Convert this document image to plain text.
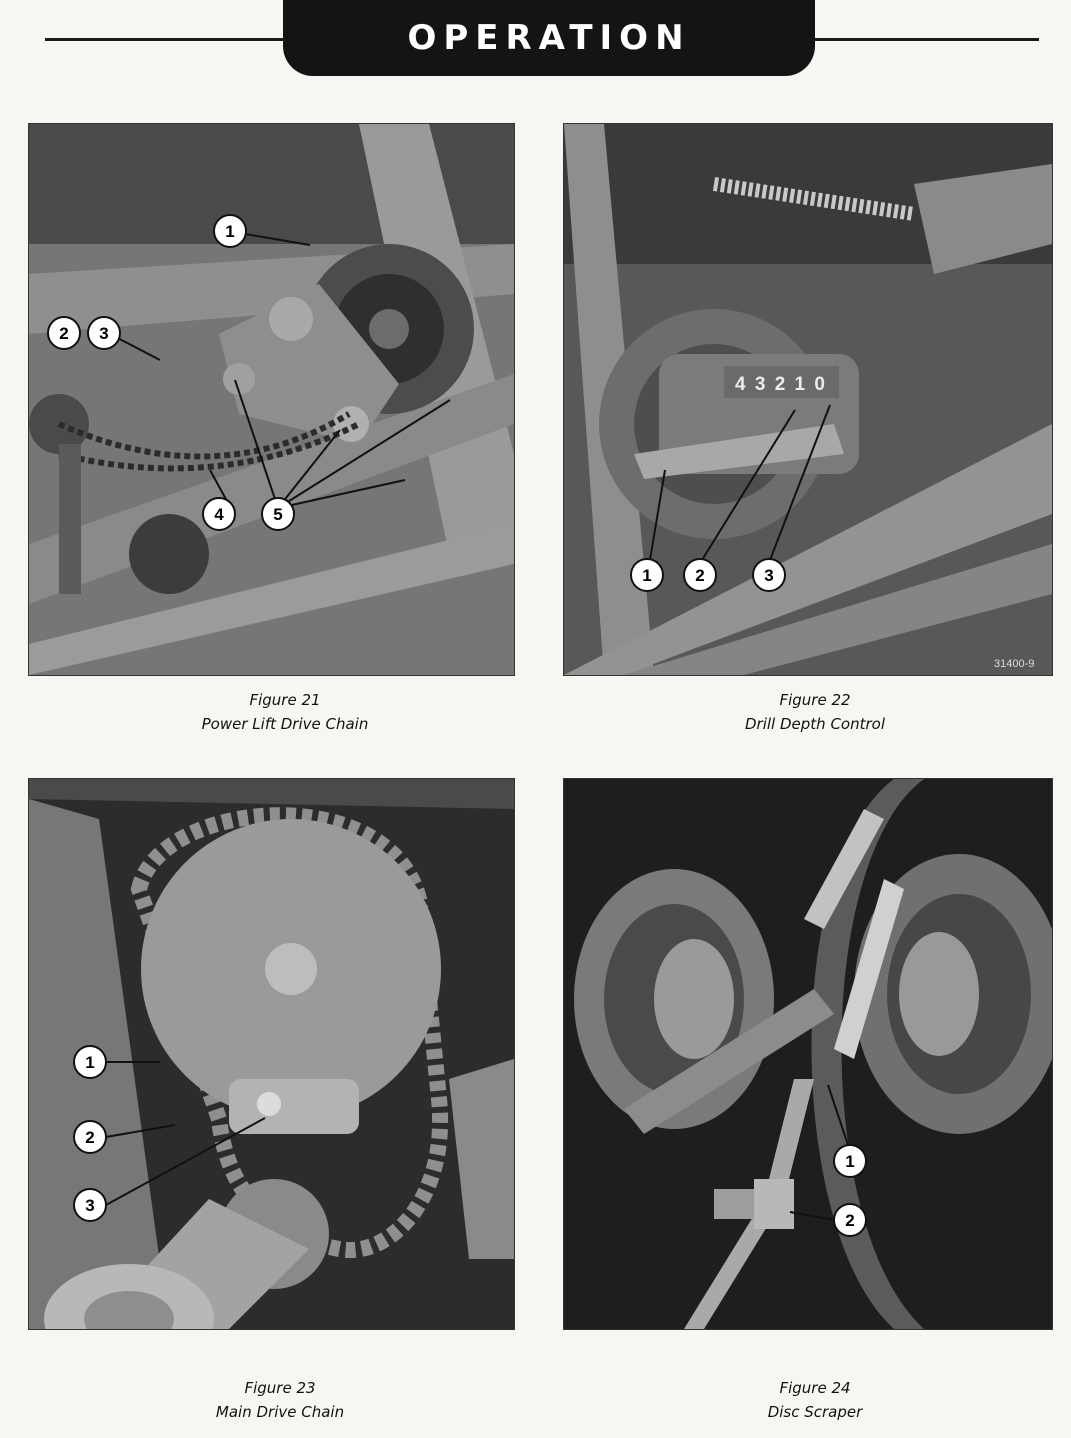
OPERATION
4 3 2 1 0
31400-9
1
2 3
4	5
1	2	3
1
2
3
1
2
Figure 21
Power Lift Drive Chain
Figure 22
Drill Depth Control
Figure 23
Main Drive Chain
Figure 24
Disc Scraper
